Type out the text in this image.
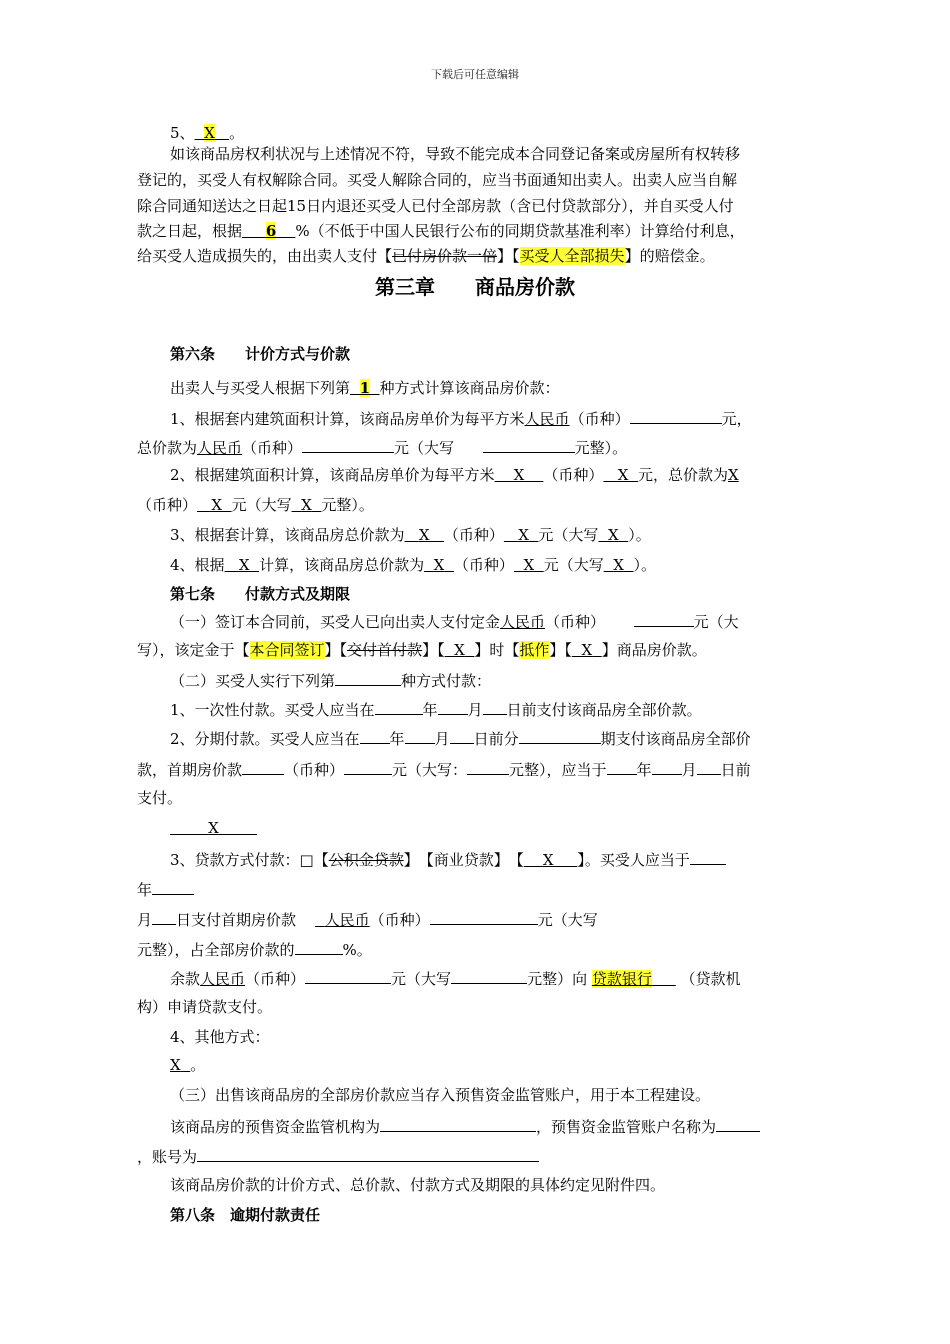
下载后可任意编辑
5、 X 。
如该商品房权利状况与上述情况不符，导致不能完成本合同登记备案或房屋所有权转移
登记的，买受人有权解除合同。买受人解除合同的，应当书面通知出卖人。出卖人应当自解
除合同通知送达之日起15日内退还买受人已付全部房款（含已付贷款部分），并自买受人付
款之日起，根据 6 %（不低于中国人民银行公布的同期贷款基准利率）计算给付利息，
给买受人造成损失的，由出卖人支付【已付房价款一倍】【买受人全部损失】的赔偿金。
第三章　　商品房价款
第六条　　计价方式与价款
出卖人与买受人根据下列第 1 种方式计算该商品房价款：
1、根据套内建筑面积计算，该商品房单价为每平方米人民币（币种）	元，
总价款为人民币（币种）	元（大写	元整）。
2、根据建筑面积计算，该商品房单价为每平方米 X （币种） X 元，总价款为X
（币种） X 元（大写 X 元整）。
3、根据套计算，该商品房总价款为 X （币种） X 元（大写 X ）。
4、根据 X 计算，该商品房总价款为 X （币种） X 元（大写 X ）。
第七条　　付款方式及期限
（一）签订本合同前，买受人已向出卖人支付定金人民币（币种）	元（大
写），该定金于【本合同签订】【交付首付款】【 X 】时【抵作】【 X 】商品房价款。
（二）买受人实行下列第	种方式付款：
1、一次性付款。买受人应当在	年 月 日前支付该商品房全部价款。
2、分期付款。买受人应当在 年 月 日前分	期支付该商品房全部价
款，首期房价款	（币种）	元（大写：	元整），应当于 年 月 日前
支付。
X
3、贷款方式付款：□【公积金贷款】　【商业贷款】　【 X 】。买受人应当于
年
月 日支付首期房价款 人民币（币种）	元（大写
元整），占全部房价款的	%。
余款人民币（币种）	元（大写	元整）向 贷款银行 （贷款机
构）申请贷款支付。
4、其他方式：
X 。
（三）出售该商品房的全部房价款应当存入预售资金监管账户，用于本工程建设。
该商品房的预售资金监管机构为	，预售资金监管账户名称为
，账号为
该商品房价款的计价方式、总价款、付款方式及期限的具体约定见附件四。
第八条　逾期付款责任
